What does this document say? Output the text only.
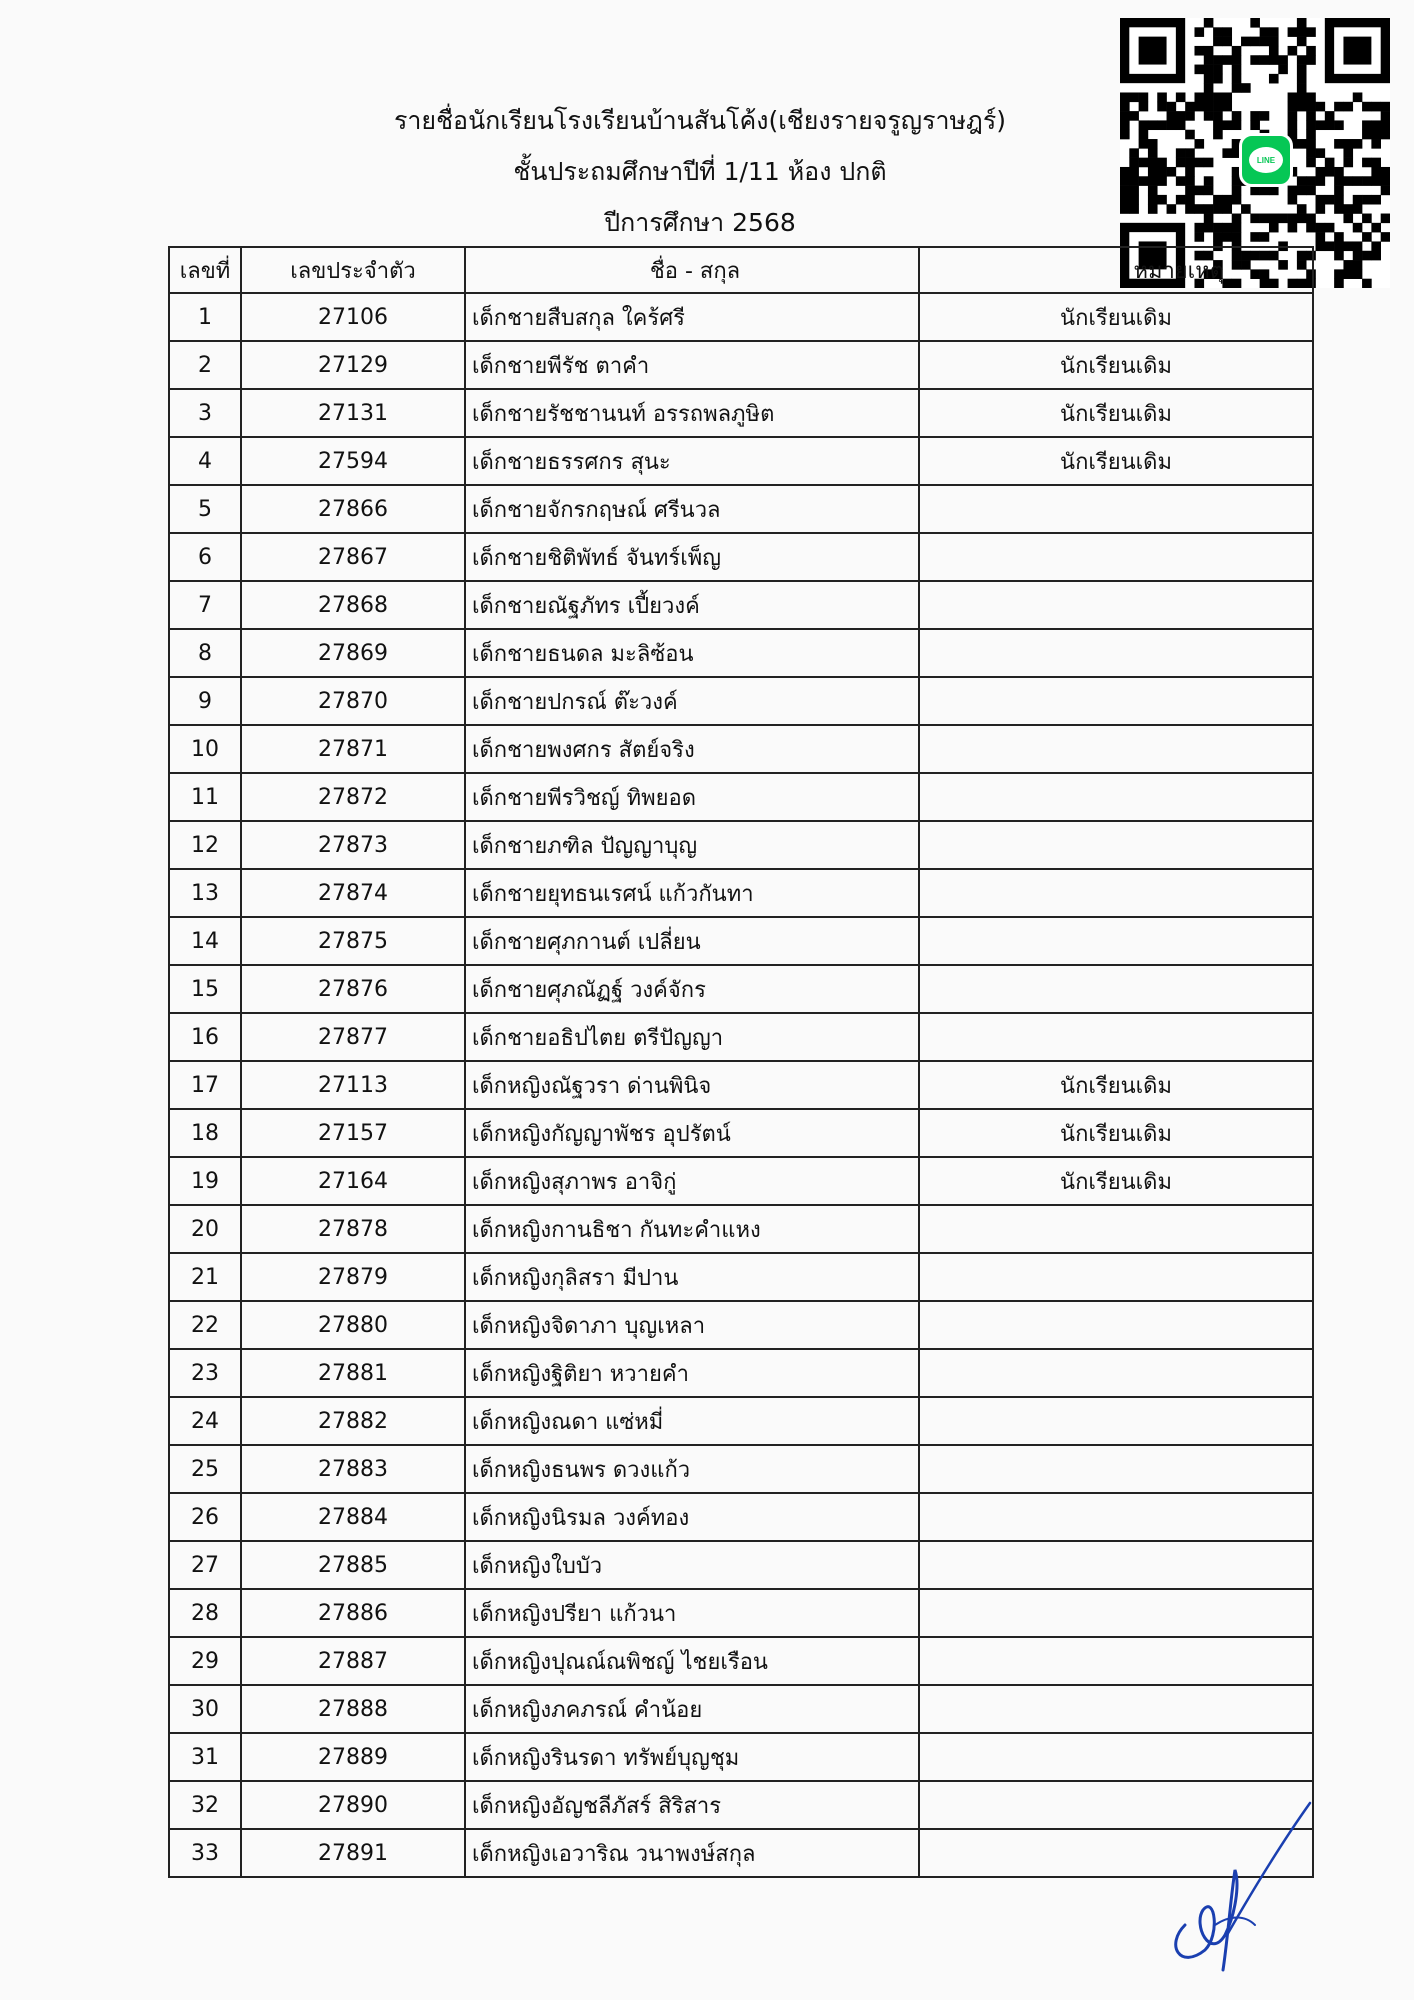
รายชื่อนักเรียนโรงเรียนบ้านสันโค้ง(เชียงรายจรูญราษฎร์)
ชั้นประถมศึกษาปีที่ 1/11 ห้อง ปกติ
ปีการศึกษา 2568
LINE
เลขที่	เลขประจำตัว	ชื่อ - สกุล	หมายเหตุ
1	27106	เด็กชายสืบสกุล ใคร้ศรี	นักเรียนเดิม
2	27129	เด็กชายพีรัช ตาคำ	นักเรียนเดิม
3	27131	เด็กชายรัชชานนท์ อรรถพลภูษิต	นักเรียนเดิม
4	27594	เด็กชายธรรศกร สุนะ	นักเรียนเดิม
5	27866	เด็กชายจักรกฤษณ์ ศรีนวล	
6	27867	เด็กชายชิติพัทธ์ จันทร์เพ็ญ	
7	27868	เด็กชายณัฐภัทร เปี้ยวงค์	
8	27869	เด็กชายธนดล มะลิซ้อน	
9	27870	เด็กชายปกรณ์ ต๊ะวงค์	
10	27871	เด็กชายพงศกร สัตย์จริง	
11	27872	เด็กชายพีรวิชญ์ ทิพยอด	
12	27873	เด็กชายภฑิล ปัญญาบุญ	
13	27874	เด็กชายยุทธนเรศน์ แก้วกันทา	
14	27875	เด็กชายศุภกานต์ เปลี่ยน	
15	27876	เด็กชายศุภณัฏฐ์ วงค์จักร	
16	27877	เด็กชายอธิปไตย ตรีปัญญา	
17	27113	เด็กหญิงณัฐวรา ด่านพินิจ	นักเรียนเดิม
18	27157	เด็กหญิงกัญญาพัชร อุปรัตน์	นักเรียนเดิม
19	27164	เด็กหญิงสุภาพร อาจิกู่	นักเรียนเดิม
20	27878	เด็กหญิงกานธิชา กันทะคำแหง	
21	27879	เด็กหญิงกุลิสรา มีปาน	
22	27880	เด็กหญิงจิดาภา บุญเหลา	
23	27881	เด็กหญิงฐิติยา หวายคำ	
24	27882	เด็กหญิงณดา แซ่หมี่	
25	27883	เด็กหญิงธนพร ดวงแก้ว	
26	27884	เด็กหญิงนิรมล วงค์ทอง	
27	27885	เด็กหญิงใบบัว	
28	27886	เด็กหญิงปรียา แก้วนา	
29	27887	เด็กหญิงปุณณ์ณพิชญ์ ไชยเรือน	
30	27888	เด็กหญิงภคภรณ์ คำน้อย	
31	27889	เด็กหญิงรินรดา ทรัพย์บุญชุม	
32	27890	เด็กหญิงอัญชลีภัสร์ สิริสาร	
33	27891	เด็กหญิงเอวาริณ วนาพงษ์สกุล	
